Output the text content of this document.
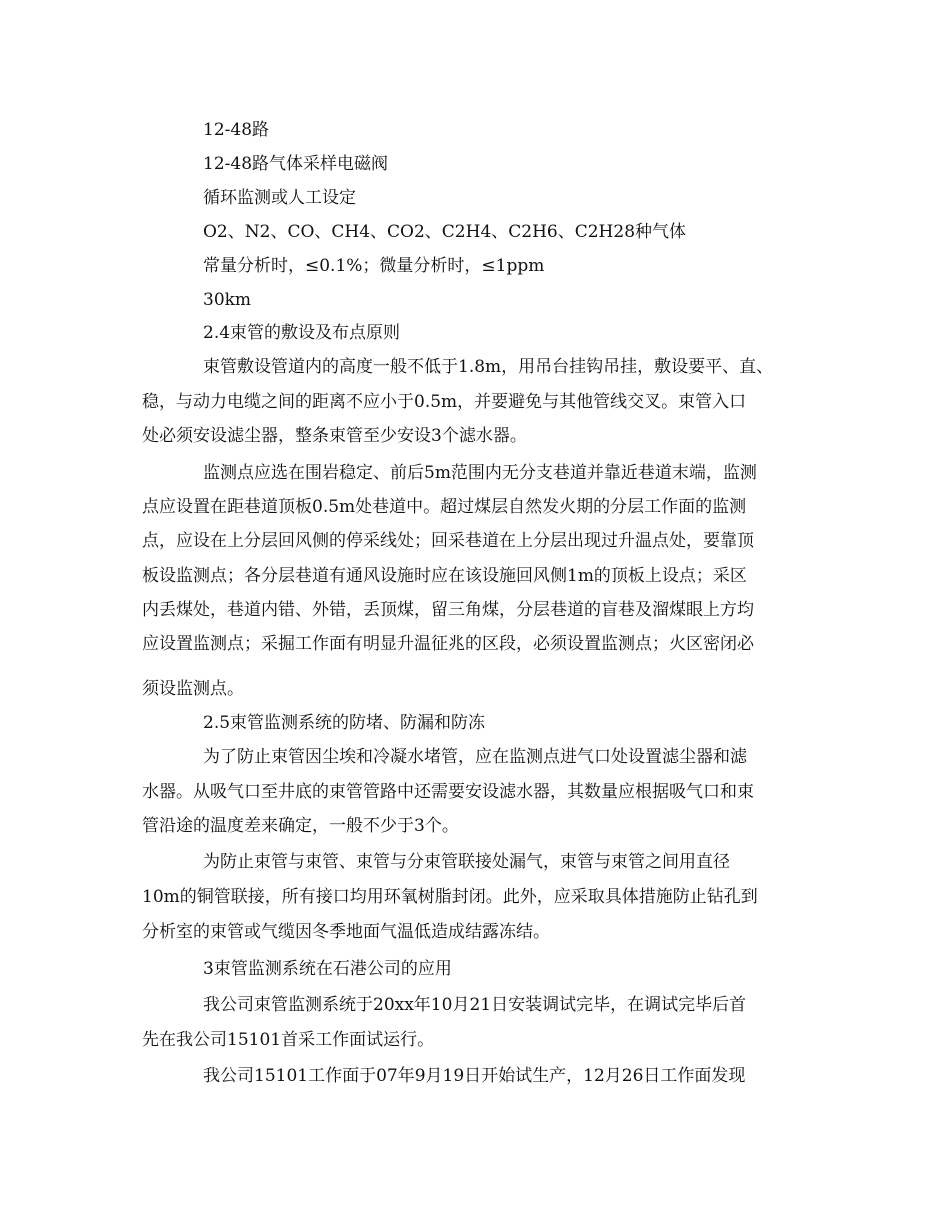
12-48路
12-48路气体采样电磁阀
循环监测或人工设定
O2、N2、CO、CH4、CO2、C2H4、C2H6、C2H28种气体
常量分析时，≤0.1%；微量分析时，≤1ppm
30km
2.4束管的敷设及布点原则
束管敷设管道内的高度一般不低于1.8m，用吊台挂钩吊挂，敷设要平、直、
稳，与动力电缆之间的距离不应小于0.5m，并要避免与其他管线交叉。束管入口
处必须安设滤尘器，整条束管至少安设3个滤水器。
监测点应选在围岩稳定、前后5m范围内无分支巷道并靠近巷道末端，监测
点应设置在距巷道顶板0.5m处巷道中。超过煤层自然发火期的分层工作面的监测
点，应设在上分层回风侧的停采线处；回采巷道在上分层出现过升温点处，要靠顶
板设监测点；各分层巷道有通风设施时应在该设施回风侧1m的顶板上设点；采区
内丢煤处，巷道内错、外错，丢顶煤，留三角煤，分层巷道的盲巷及溜煤眼上方均
应设置监测点；采掘工作面有明显升温征兆的区段，必须设置监测点；火区密闭必
须设监测点。
2.5束管监测系统的防堵、防漏和防冻
为了防止束管因尘埃和冷凝水堵管，应在监测点进气口处设置滤尘器和滤
水器。从吸气口至井底的束管管路中还需要安设滤水器，其数量应根据吸气口和束
管沿途的温度差来确定，一般不少于3个。
为防止束管与束管、束管与分束管联接处漏气，束管与束管之间用直径
10m的铜管联接，所有接口均用环氧树脂封闭。此外，应采取具体措施防止钻孔到
分析室的束管或气缆因冬季地面气温低造成结露冻结。
3束管监测系统在石港公司的应用
我公司束管监测系统于20xx年10月21日安装调试完毕，在调试完毕后首
先在我公司15101首采工作面试运行。
我公司15101工作面于07年9月19日开始试生产，12月26日工作面发现
